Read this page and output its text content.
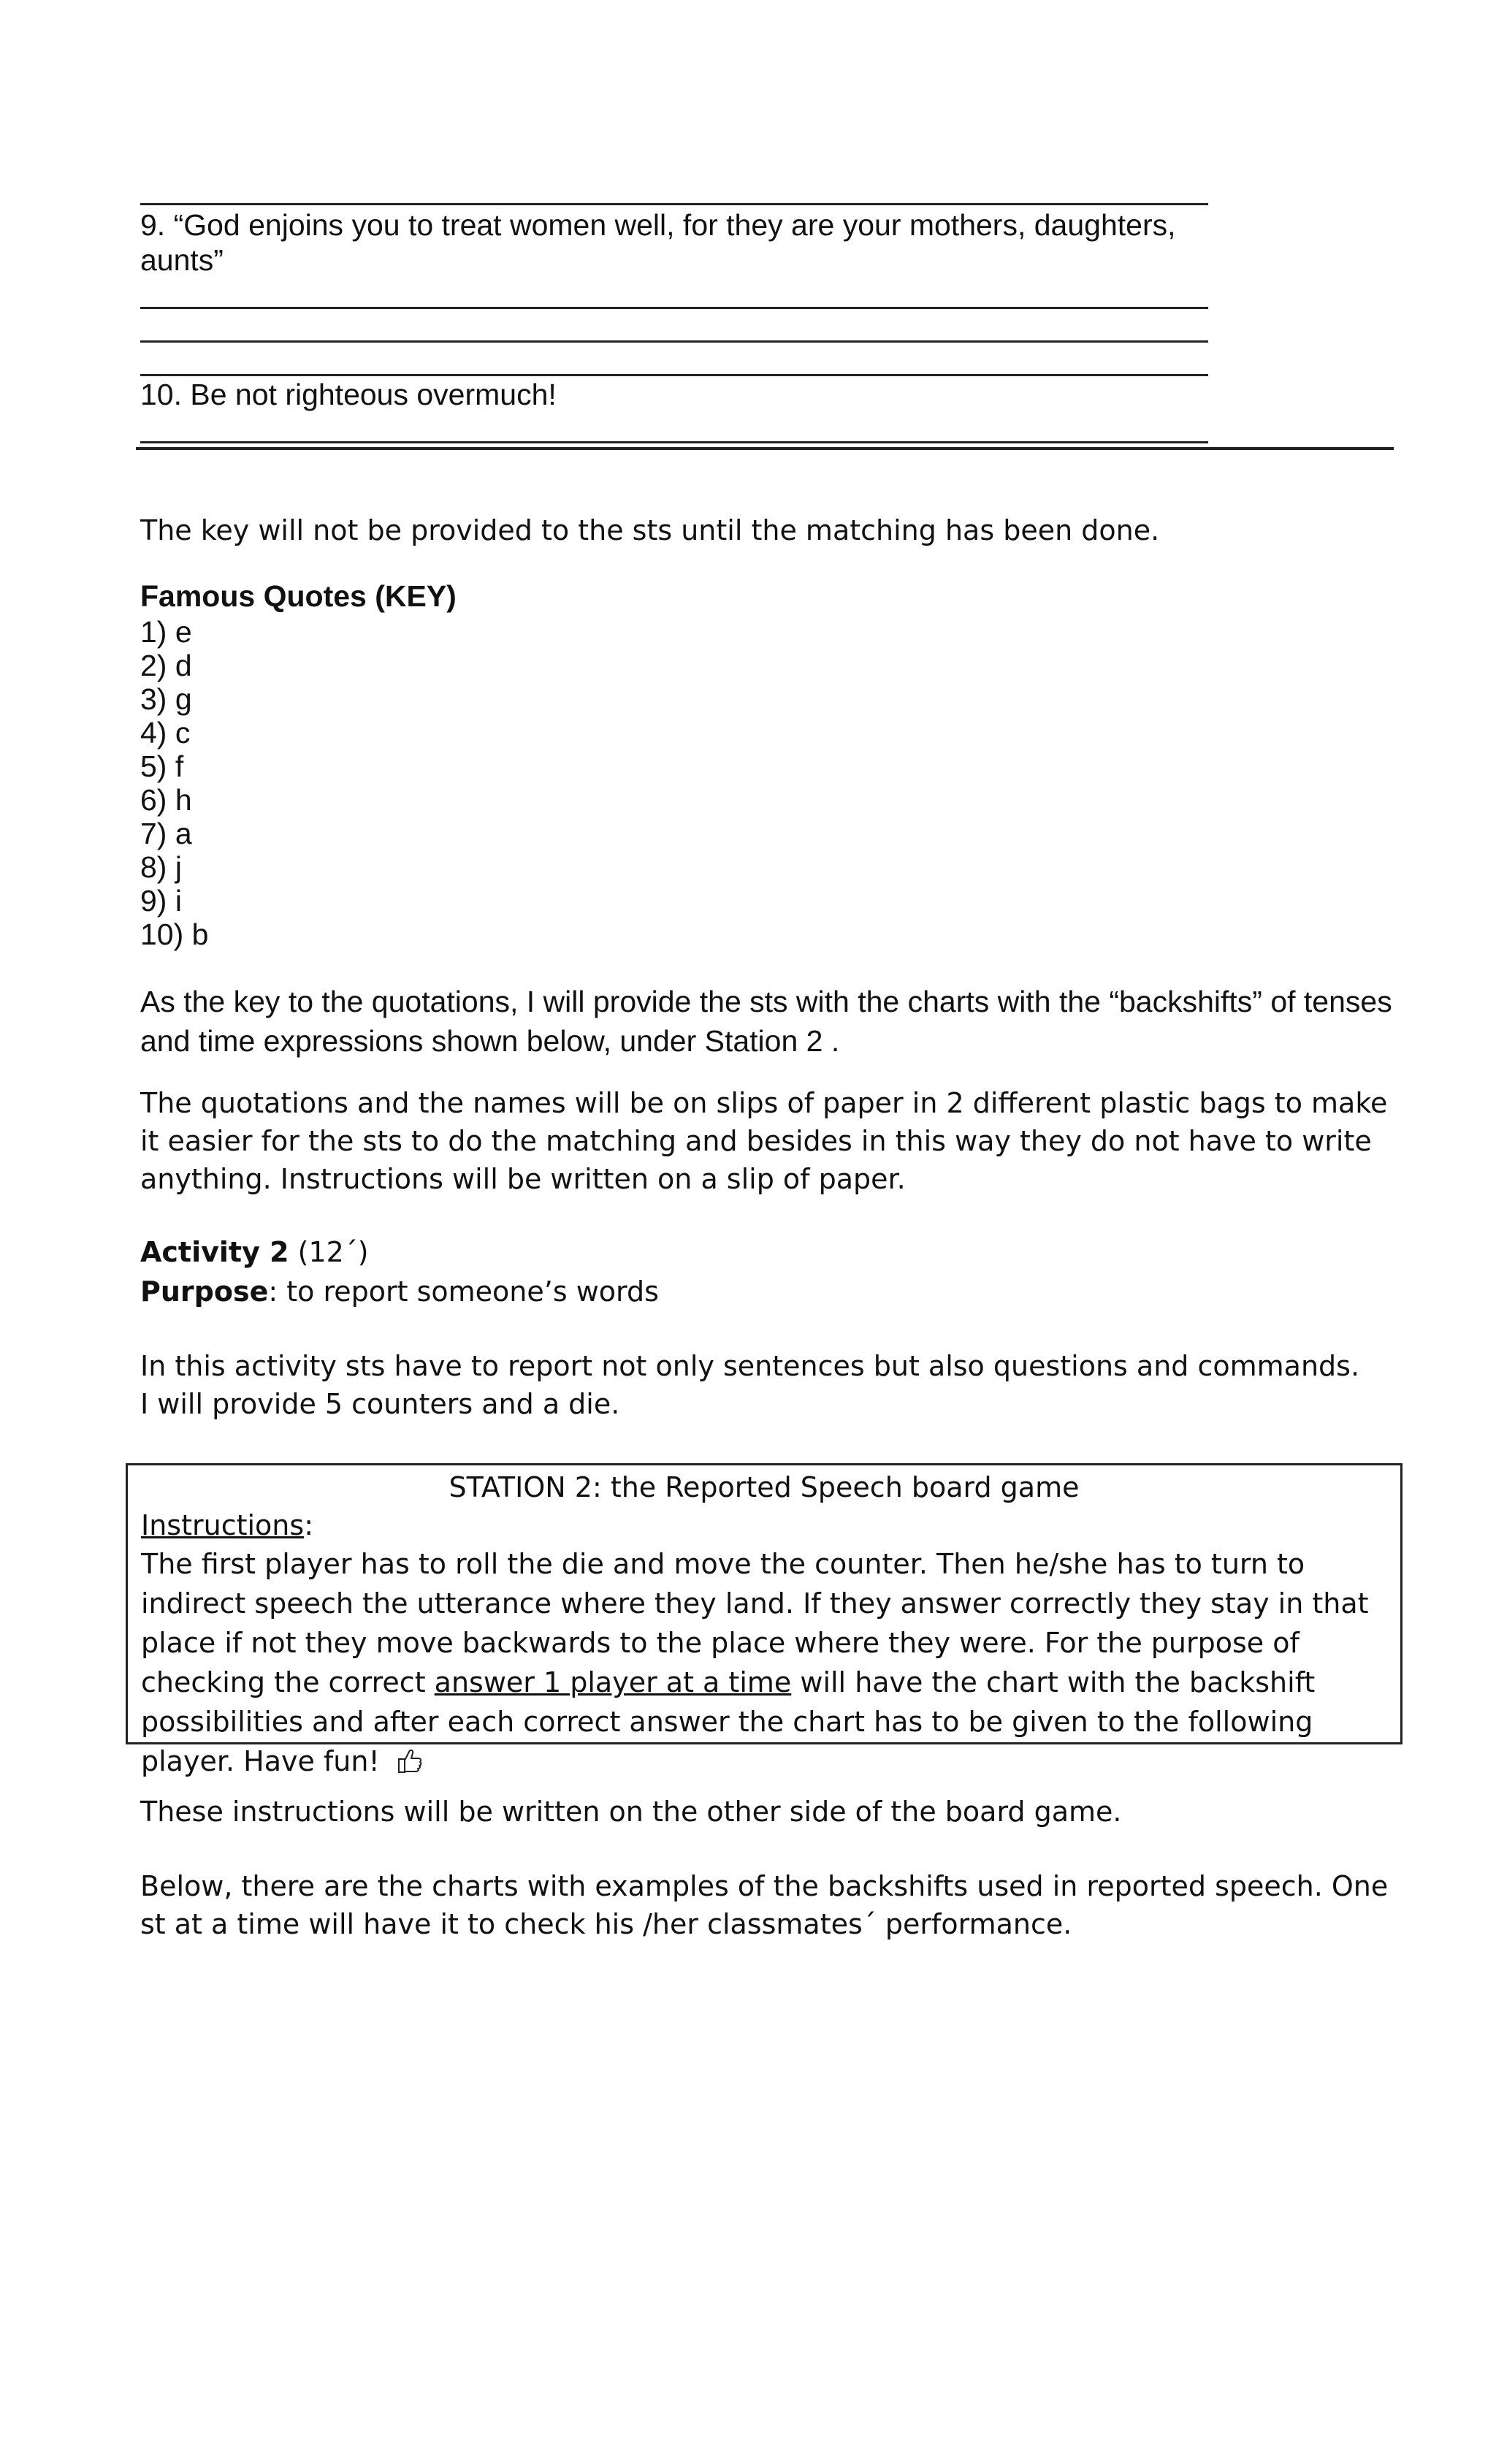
9. “God enjoins you to treat women well, for they are your mothers, daughters, aunts”
10. Be not righteous overmuch!
The key will not be provided to the sts until the matching has been done.
Famous Quotes (KEY)
1) e
2) d
3) g
4) c
5) f
6) h
7) a
8) j
9) i
10) b
As the key to the quotations, I will provide the sts with the charts with the “backshifts” of tenses and time expressions shown below, under Station 2 .
The quotations and the names will be on slips of paper in 2 different plastic bags to make it easier for the sts to do the matching and besides in this way they do not have to write anything. Instructions will be written on a slip of paper.
Activity 2 (12´)
Purpose: to report someone’s words
In this activity sts have to report not only sentences but also questions and commands.
I will provide 5 counters and a die.
STATION 2: the Reported Speech board game
Instructions:
The first player has to roll the die and move the counter. Then he/she has to turn to indirect speech the utterance where they land. If they answer correctly they stay in that place if not they move backwards to the place where they were. For the purpose of checking the correct answer 1 player at a time will have the chart with the backshift possibilities and after each correct answer the chart has to be given to the following player. Have fun!
These instructions will be written on the other side of the board game.
Below, there are the charts with examples of the backshifts used in reported speech. One st at a time will have it to check his /her classmates´ performance.
